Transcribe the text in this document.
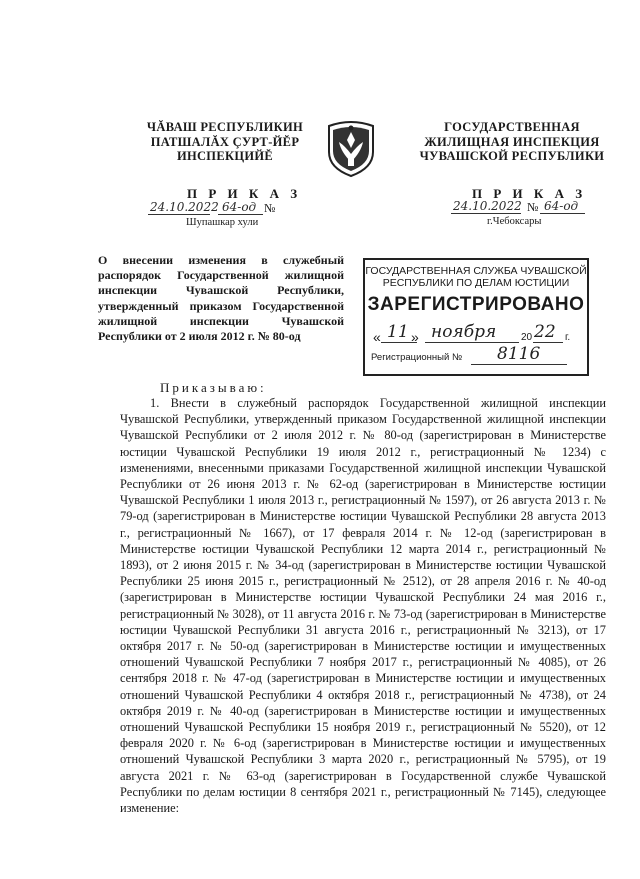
ЧĂВАШ РЕСПУБЛИКИН
ПАТШАЛĂХ ÇУРТ-ЙĔР
ИНСПЕКЦИЙĔ
ГОСУДАРСТВЕННАЯ
ЖИЛИЩНАЯ ИНСПЕКЦИЯ
ЧУВАШСКОЙ РЕСПУБЛИКИ
П Р И К А З	П Р И К А З
24.10.2022 64-од №
Шупашкар хули
24.10.2022 № 64-од
г.Чебоксары
О внесении изменения в служебный распорядок Государственной жилищной инспекции Чувашской Республики, утвержденный приказом Государственной жилищной инспекции Чувашской Республики от 2 июля 2012 г. № 80-од
ГОСУДАРСТВЕННАЯ СЛУЖБА ЧУВАШСКОЙ
РЕСПУБЛИКИ ПО ДЕЛАМ ЮСТИЦИИ
ЗАРЕГИСТРИРОВАНО
« 11 » ноября 20 22 г.
Регистрационный № 8116
Приказываю:

1. Внести в служебный распорядок Государственной жилищной инспекции Чувашской Республики, утвержденный приказом Государственной жилищной инспекции Чувашской Республики от 2 июля 2012 г. № 80-од (зарегистрирован в Министерстве юстиции Чувашской Республики 19 июля 2012 г., регистрационный № 1234) с изменениями, внесенными приказами Государственной жилищной инспекции Чувашской Республики от 26 июня 2013 г. № 62-од (зарегистрирован в Министерстве юстиции Чувашской Республики 1 июля 2013 г., регистрационный № 1597), от 26 августа 2013 г. № 79-од (зарегистрирован в Министерстве юстиции Чувашской Республики 28 августа 2013 г., регистрационный № 1667), от 17 февраля 2014 г. № 12-од (зарегистрирован в Министерстве юстиции Чувашской Республики 12 марта 2014 г., регистрационный № 1893), от 2 июня 2015 г. № 34-од (зарегистрирован в Министерстве юстиции Чувашской Республики 25 июня 2015 г., регистрационный № 2512), от 28 апреля 2016 г. № 40-од (зарегистрирован в Министерстве юстиции Чувашской Республики 24 мая 2016 г., регистрационный № 3028), от 11 августа 2016 г. № 73-од (зарегистрирован в Министерстве юстиции Чувашской Республики 31 августа 2016 г., регистрационный № 3213), от 17 октября 2017 г. № 50-од (зарегистрирован в Министерстве юстиции и имущественных отношений Чувашской Республики 7 ноября 2017 г., регистрационный № 4085), от 26 сентября 2018 г. № 47-од (зарегистрирован в Министерстве юстиции и имущественных отношений Чувашской Республики 4 октября 2018 г., регистрационный № 4738), от 24 октября 2019 г. № 40-од (зарегистрирован в Министерстве юстиции и имущественных отношений Чувашской Республики 15 ноября 2019 г., регистрационный № 5520), от 12 февраля 2020 г. № 6-од (зарегистрирован в Министерстве юстиции и имущественных отношений Чувашской Республики 3 марта 2020 г., регистрационный № 5795), от 19 августа 2021 г. № 63-од (зарегистрирован в Государственной службе Чувашской Республики по делам юстиции 8 сентября 2021 г., регистрационный № 7145), следующее изменение:
